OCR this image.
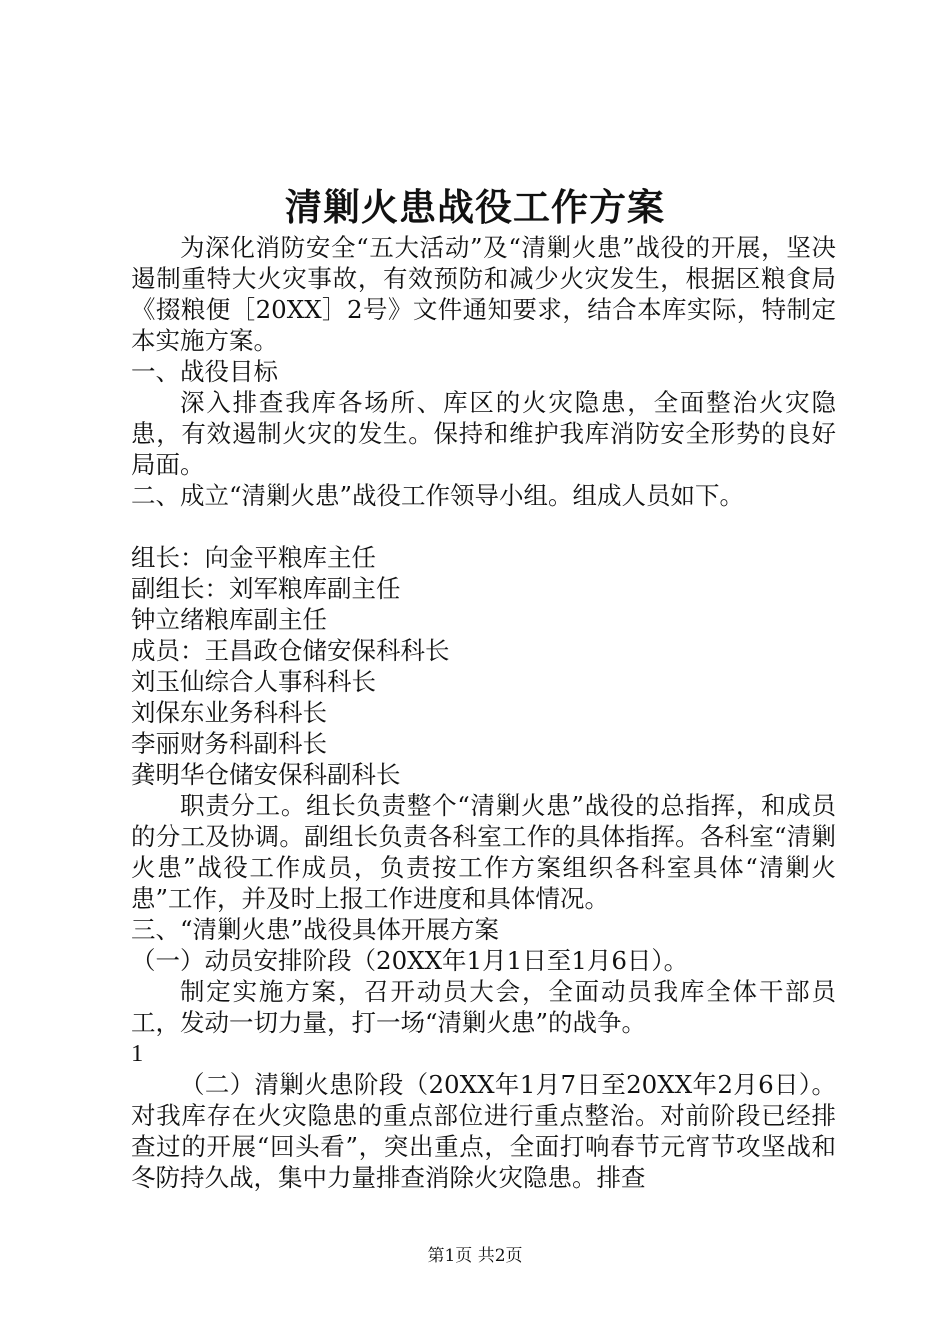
清剿火患战役工作方案

为深化消防安全“五大活动”及“清剿火患”战役的开展，坚决遏制重特大火灾事故，有效预防和减少火灾发生，根据区粮食局《掇粮便［20XX］2号》文件通知要求，结合本库实际，特制定本实施方案。

一、战役目标

深入排查我库各场所、库区的火灾隐患，全面整治火灾隐患，有效遏制火灾的发生。保持和维护我库消防安全形势的良好局面。

二、成立“清剿火患”战役工作领导小组。组成人员如下。

组长：向金平粮库主任

副组长：刘军粮库副主任

钟立绪粮库副主任

成员：王昌政仓储安保科科长

刘玉仙综合人事科科长

刘保东业务科科长

李丽财务科副科长

龚明华仓储安保科副科长

职责分工。组长负责整个“清剿火患”战役的总指挥，和成员的分工及协调。副组长负责各科室工作的具体指挥。各科室“清剿火患”战役工作成员，负责按工作方案组织各科室具体“清剿火患”工作，并及时上报工作进度和具体情况。

三、“清剿火患”战役具体开展方案

（一）动员安排阶段（20XX年1月1日至1月6日）。

制定实施方案，召开动员大会，全面动员我库全体干部员工，发动一切力量，打一场“清剿火患”的战争。

1

（二）清剿火患阶段（20XX年1月7日至20XX年2月6日）。对我库存在火灾隐患的重点部位进行重点整治。对前阶段已经排查过的开展“回头看”，突出重点，全面打响春节元宵节攻坚战和冬防持久战，集中力量排查消除火灾隐患。排查

第1页 共2页
